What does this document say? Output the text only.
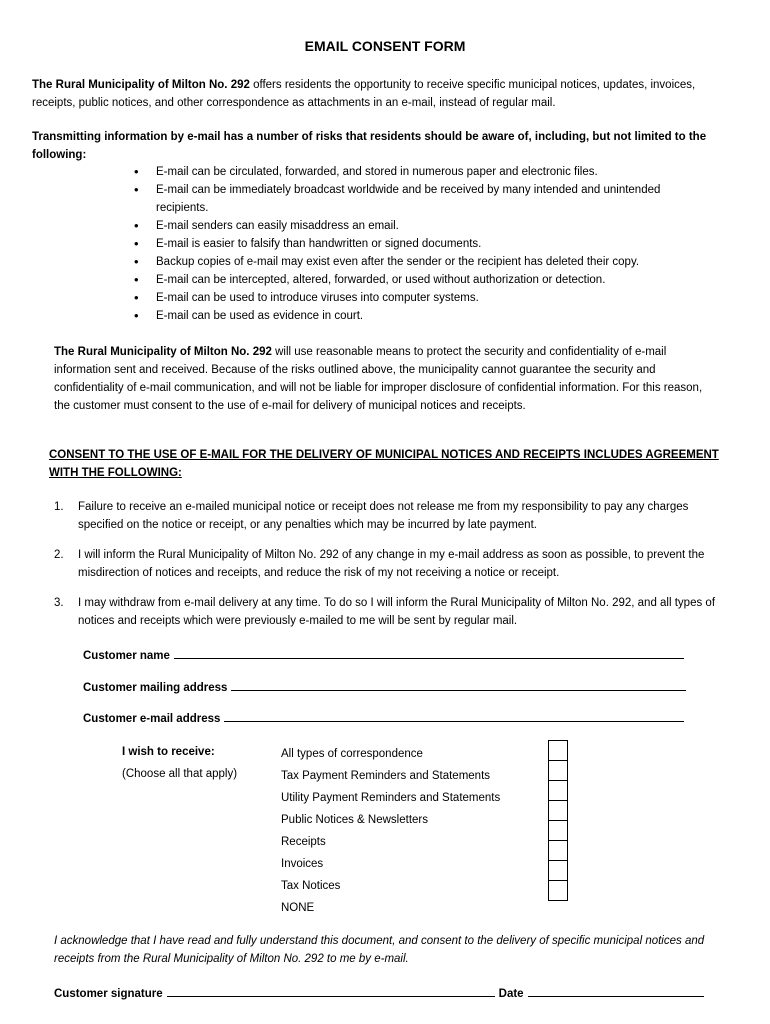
EMAIL CONSENT FORM
The Rural Municipality of Milton No. 292 offers residents the opportunity to receive specific municipal notices, updates, invoices, receipts, public notices, and other correspondence as attachments in an e-mail, instead of regular mail.
Transmitting information by e-mail has a number of risks that residents should be aware of, including, but not limited to the following:
• E-mail can be circulated, forwarded, and stored in numerous paper and electronic files.
• E-mail can be immediately broadcast worldwide and be received by many intended and unintended recipients.
• E-mail senders can easily misaddress an email.
• E-mail is easier to falsify than handwritten or signed documents.
• Backup copies of e-mail may exist even after the sender or the recipient has deleted their copy.
• E-mail can be intercepted, altered, forwarded, or used without authorization or detection.
• E-mail can be used to introduce viruses into computer systems.
• E-mail can be used as evidence in court.
The Rural Municipality of Milton No. 292 will use reasonable means to protect the security and confidentiality of e-mail information sent and received. Because of the risks outlined above, the municipality cannot guarantee the security and confidentiality of e-mail communication, and will not be liable for improper disclosure of confidential information. For this reason, the customer must consent to the use of e-mail for delivery of municipal notices and receipts.
CONSENT TO THE USE OF E-MAIL FOR THE DELIVERY OF MUNICIPAL NOTICES AND RECEIPTS INCLUDES AGREEMENT WITH THE FOLLOWING:
1. Failure to receive an e-mailed municipal notice or receipt does not release me from my responsibility to pay any charges specified on the notice or receipt, or any penalties which may be incurred by late payment.
2. I will inform the Rural Municipality of Milton No. 292 of any change in my e-mail address as soon as possible, to prevent the misdirection of notices and receipts, and reduce the risk of my not receiving a notice or receipt.
3. I may withdraw from e-mail delivery at any time. To do so I will inform the Rural Municipality of Milton No. 292, and all types of notices and receipts which were previously e-mailed to me will be sent by regular mail.
Customer name
Customer mailing address
Customer e-mail address
I wish to receive:
(Choose all that apply)
All types of correspondence
Tax Payment Reminders and Statements
Utility Payment Reminders and Statements
Public Notices & Newsletters
Receipts
Invoices
Tax Notices
NONE
I acknowledge that I have read and fully understand this document, and consent to the delivery of specific municipal notices and receipts from the Rural Municipality of Milton No. 292 to me by e-mail.
Customer signature	Date
